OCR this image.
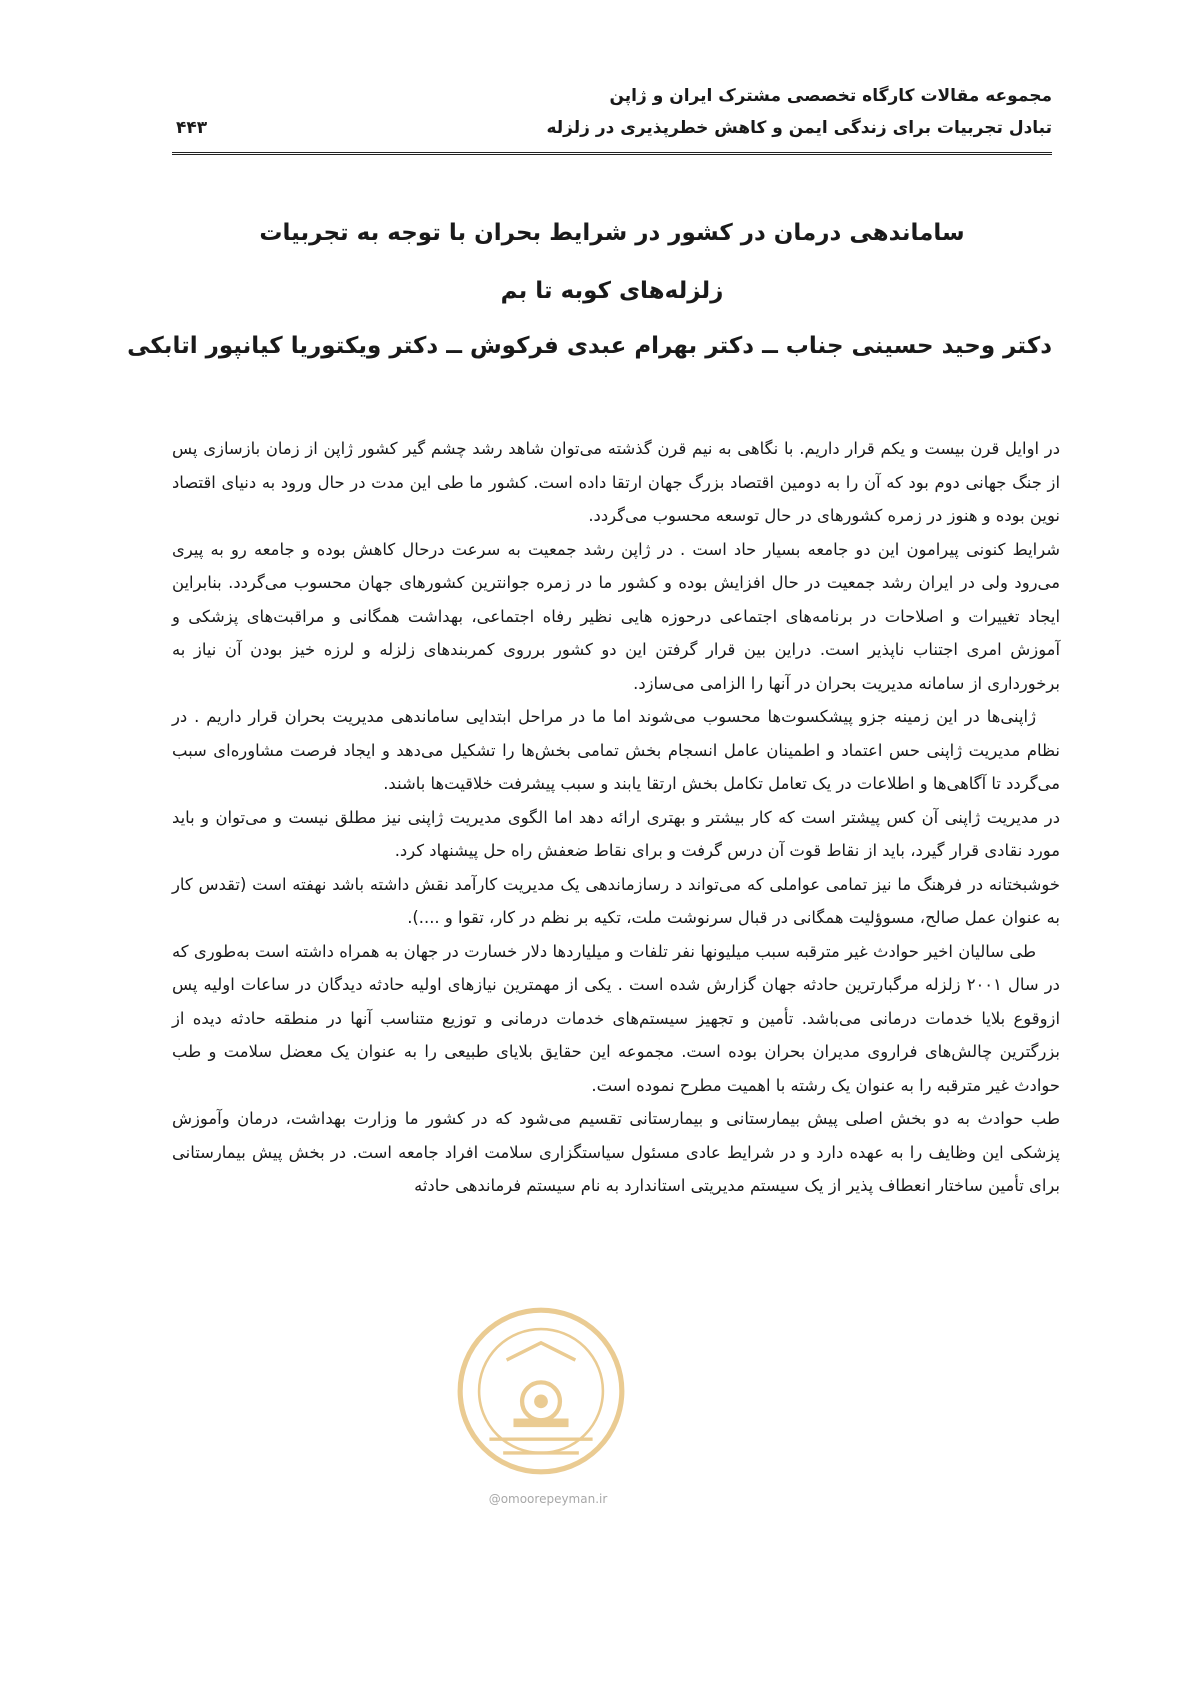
مجموعه مقالات کارگاه تخصصی مشترک ایران و ژاپن
تبادل تجربیات برای زندگی ایمن و کاهش خطرپذیری در زلزله
۴۴۳
ساماندهی درمان در کشور در شرایط بحران با توجه به تجربیات
زلزله‌های کوبه تا بم
دکتر وحید حسینی جناب ــ دکتر بهرام عبدی فرکوش ــ دکتر ویکتوریا کیانپور اتابکی

در اوایل قرن بیست و یکم قرار داریم. با نگاهی به نیم قرن گذشته می‌توان شاهد رشد چشم گیر کشور ژاپن از زمان بازسازی پس از جنگ جهانی دوم بود که آن را به دومین اقتصاد بزرگ جهان ارتقا داده است. کشور ما طی این مدت در حال ورود به دنیای اقتصاد نوین بوده و هنوز در زمره کشورهای در حال توسعه محسوب می‌گردد.

شرایط کنونی پیرامون این دو جامعه بسیار حاد است . در ژاپن رشد جمعیت به سرعت درحال کاهش بوده و جامعه رو به پیری می‌رود ولی در ایران رشد جمعیت در حال افزایش بوده و کشور ما در زمره جوانترین کشورهای جهان محسوب می‌گردد. بنابراین ایجاد تغییرات و اصلاحات در برنامه‌های اجتماعی درحوزه هایی نظیر رفاه اجتماعی، بهداشت همگانی و مراقبت‌های پزشکی و آموزش امری اجتناب ناپذیر است. دراین بین قرار گرفتن این دو کشور برروی کمربندهای زلزله و لرزه خیز بودن آن نیاز به برخورداری از سامانه مدیریت بحران در آنها را الزامی می‌سازد.

ژاپنی‌ها در این زمینه جزو پیشکسوت‌ها محسوب می‌شوند اما ما در مراحل ابتدایی ساماندهی مدیریت بحران قرار داریم . در نظام مدیریت ژاپنی حس اعتماد و اطمینان عامل انسجام بخش تمامی بخش‌ها را تشکیل می‌دهد و ایجاد فرصت مشاوره‌ای سبب می‌گردد تا آگاهی‌ها و اطلاعات در یک تعامل تکامل بخش ارتقا یابند و سبب پیشرفت خلاقیت‌ها باشند.

در مدیریت ژاپنی آن کس پیشتر است که کار بیشتر و بهتری ارائه دهد اما الگوی مدیریت ژاپنی نیز مطلق نیست و می‌توان و باید مورد نقادی قرار گیرد، باید از نقاط قوت آن درس گرفت و برای نقاط ضعفش راه حل پیشنهاد کرد.

خوشبختانه در فرهنگ ما نیز تمامی عواملی که می‌تواند د رسازماندهی یک مدیریت کارآمد نقش داشته باشد نهفته است (تقدس کار به عنوان عمل صالح، مسوؤلیت همگانی در قبال سرنوشت ملت، تکیه بر نظم در کار، تقوا و ....).

طی سالیان اخیر حوادث غیر مترقبه سبب میلیونها نفر تلفات و میلیاردها دلار خسارت در جهان به همراه داشته است به‌طوری که در سال ۲۰۰۱ زلزله مرگبارترین حادثه جهان گزارش شده است . یکی از مهمترین نیازهای اولیه حادثه دیدگان در ساعات اولیه پس ازوقوع بلایا خدمات درمانی می‌باشد. تأمین و تجهیز سیستم‌های خدمات درمانی و توزیع متناسب آنها در منطقه حادثه دیده از بزرگترین چالش‌های فراروی مدیران بحران بوده است. مجموعه این حقایق بلایای طبیعی را به عنوان یک معضل سلامت و طب حوادث غیر مترقبه را به عنوان یک رشته با اهمیت مطرح نموده است.

طب حوادث به دو بخش اصلی پیش بیمارستانی و بیمارستانی تقسیم می‌شود که در کشور ما وزارت بهداشت، درمان وآموزش پزشکی این وظایف را به عهده دارد و در شرایط عادی مسئول سیاستگزاری سلامت افراد جامعه است. در بخش پیش بیمارستانی برای تأمین ساختار انعطاف پذیر از یک سیستم مدیریتی استاندارد به نام سیستم فرماندهی حادثه

@omoorepeyman.ir
